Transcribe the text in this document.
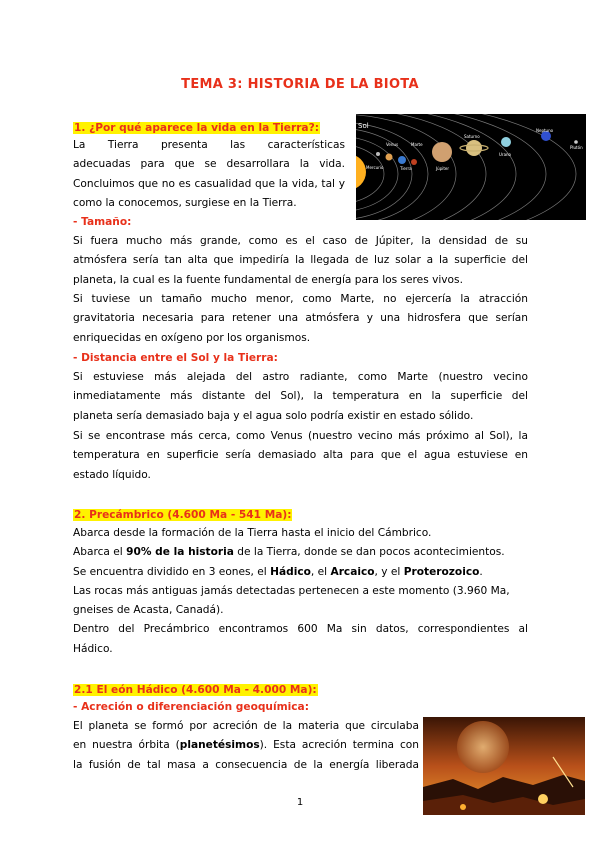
TEMA 3: HISTORIA DE LA BIOTA
1. ¿Por qué aparece la vida en la Tierra?:
La Tierra presenta las características
adecuadas para que se desarrollara la vida.
Concluimos que no es casualidad que la vida, tal y
como la conocemos, surgiese en la Tierra.
Sol
Mercurio
Venus
Tierra
Marte
Júpiter
Saturno
Urano
Neptuno
Plutón
- Tamaño:
Si fuera mucho más grande, como es el caso de Júpiter, la densidad de su
atmósfera sería tan alta que impediría la llegada de luz solar a la superficie del
planeta, la cual es la fuente fundamental de energía para los seres vivos.
Si tuviese un tamaño mucho menor, como Marte, no ejercería la atracción
gravitatoria necesaria para retener una atmósfera y una hidrosfera que serían
enriquecidas en oxígeno por los organismos.
- Distancia entre el Sol y la Tierra:
Si estuviese más alejada del astro radiante, como Marte (nuestro vecino
inmediatamente más distante del Sol), la temperatura en la superficie del
planeta sería demasiado baja y el agua solo podría existir en estado sólido.
Si se encontrase más cerca, como Venus (nuestro vecino más próximo al Sol), la
temperatura en superficie sería demasiado alta para que el agua estuviese en
estado líquido.
2. Precámbrico (4.600 Ma - 541 Ma):
Abarca desde la formación de la Tierra hasta el inicio del Cámbrico.
Abarca el 90% de la historia de la Tierra, donde se dan pocos acontecimientos.
Se encuentra dividido en 3 eones, el Hádico, el Arcaico, y el Proterozoico.
Las rocas más antiguas jamás detectadas pertenecen a este momento (3.960 Ma,
gneises de Acasta, Canadá).
Dentro del Precámbrico encontramos 600 Ma sin datos, correspondientes al
Hádico.
2.1 El eón Hádico (4.600 Ma - 4.000 Ma):
- Acreción o diferenciación geoquímica:
El planeta se formó por acreción de la materia que circulaba
en nuestra órbita (planetésimos). Esta acreción termina con
la fusión de tal masa a consecuencia de la energía liberada
1
